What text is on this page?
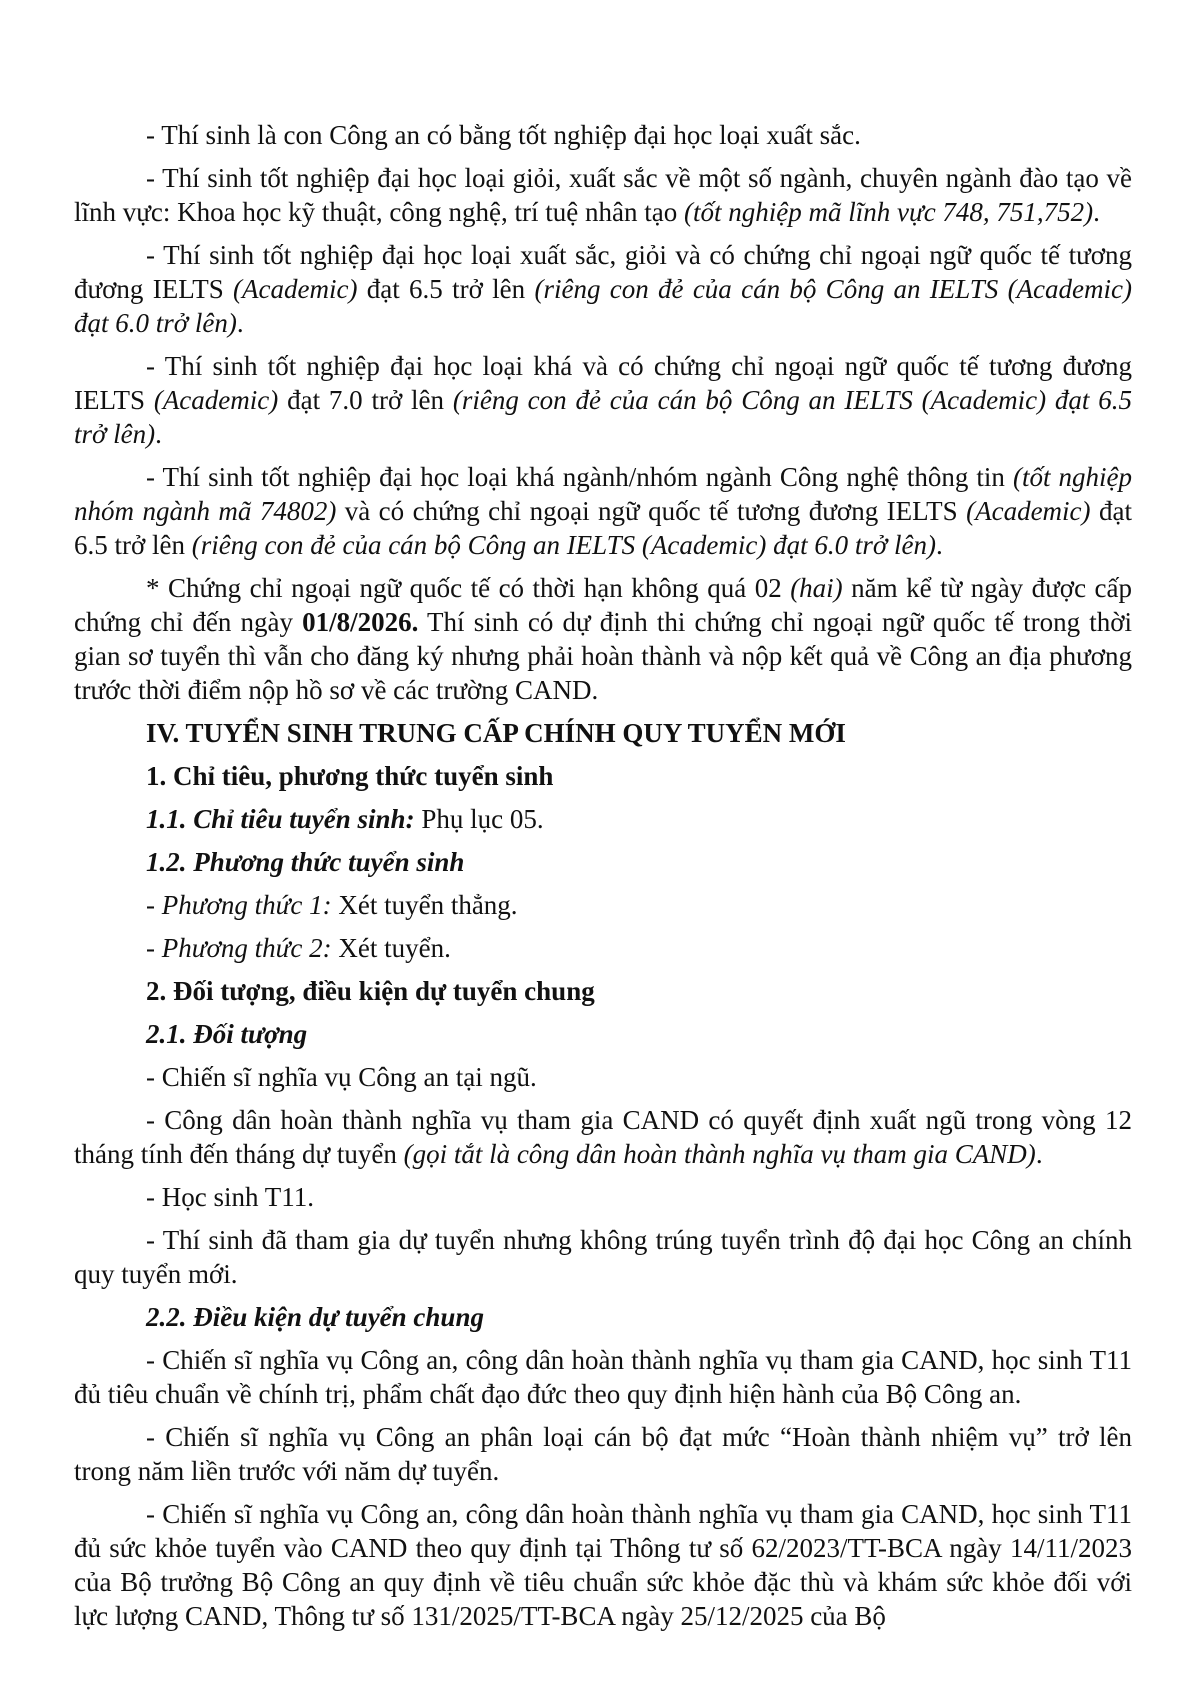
- Thí sinh là con Công an có bằng tốt nghiệp đại học loại xuất sắc.

- Thí sinh tốt nghiệp đại học loại giỏi, xuất sắc về một số ngành, chuyên ngành đào tạo về lĩnh vực: Khoa học kỹ thuật, công nghệ, trí tuệ nhân tạo (tốt nghiệp mã lĩnh vực 748, 751,752).

- Thí sinh tốt nghiệp đại học loại xuất sắc, giỏi và có chứng chỉ ngoại ngữ quốc tế tương đương IELTS (Academic) đạt 6.5 trở lên (riêng con đẻ của cán bộ Công an IELTS (Academic) đạt 6.0 trở lên).

- Thí sinh tốt nghiệp đại học loại khá và có chứng chỉ ngoại ngữ quốc tế tương đương IELTS (Academic) đạt 7.0 trở lên (riêng con đẻ của cán bộ Công an IELTS (Academic) đạt 6.5 trở lên).

- Thí sinh tốt nghiệp đại học loại khá ngành/nhóm ngành Công nghệ thông tin (tốt nghiệp nhóm ngành mã 74802) và có chứng chỉ ngoại ngữ quốc tế tương đương IELTS (Academic) đạt 6.5 trở lên (riêng con đẻ của cán bộ Công an IELTS (Academic) đạt 6.0 trở lên).

* Chứng chỉ ngoại ngữ quốc tế có thời hạn không quá 02 (hai) năm kể từ ngày được cấp chứng chỉ đến ngày 01/8/2026. Thí sinh có dự định thi chứng chỉ ngoại ngữ quốc tế trong thời gian sơ tuyển thì vẫn cho đăng ký nhưng phải hoàn thành và nộp kết quả về Công an địa phương trước thời điểm nộp hồ sơ về các trường CAND.

IV. TUYỂN SINH TRUNG CẤP CHÍNH QUY TUYỂN MỚI

1. Chỉ tiêu, phương thức tuyển sinh

1.1. Chỉ tiêu tuyển sinh: Phụ lục 05.

1.2. Phương thức tuyển sinh

- Phương thức 1: Xét tuyển thẳng.

- Phương thức 2: Xét tuyển.

2. Đối tượng, điều kiện dự tuyển chung

2.1. Đối tượng

- Chiến sĩ nghĩa vụ Công an tại ngũ.

- Công dân hoàn thành nghĩa vụ tham gia CAND có quyết định xuất ngũ trong vòng 12 tháng tính đến tháng dự tuyển (gọi tắt là công dân hoàn thành nghĩa vụ tham gia CAND).

- Học sinh T11.

- Thí sinh đã tham gia dự tuyển nhưng không trúng tuyển trình độ đại học Công an chính quy tuyển mới.

2.2. Điều kiện dự tuyển chung

- Chiến sĩ nghĩa vụ Công an, công dân hoàn thành nghĩa vụ tham gia CAND, học sinh T11 đủ tiêu chuẩn về chính trị, phẩm chất đạo đức theo quy định hiện hành của Bộ Công an.

- Chiến sĩ nghĩa vụ Công an phân loại cán bộ đạt mức “Hoàn thành nhiệm vụ” trở lên trong năm liền trước với năm dự tuyển.

- Chiến sĩ nghĩa vụ Công an, công dân hoàn thành nghĩa vụ tham gia CAND, học sinh T11 đủ sức khỏe tuyển vào CAND theo quy định tại Thông tư số 62/2023/TT-BCA ngày 14/11/2023 của Bộ trưởng Bộ Công an quy định về tiêu chuẩn sức khỏe đặc thù và khám sức khỏe đối với lực lượng CAND, Thông tư số 131/2025/TT-BCA ngày 25/12/2025 của Bộ
